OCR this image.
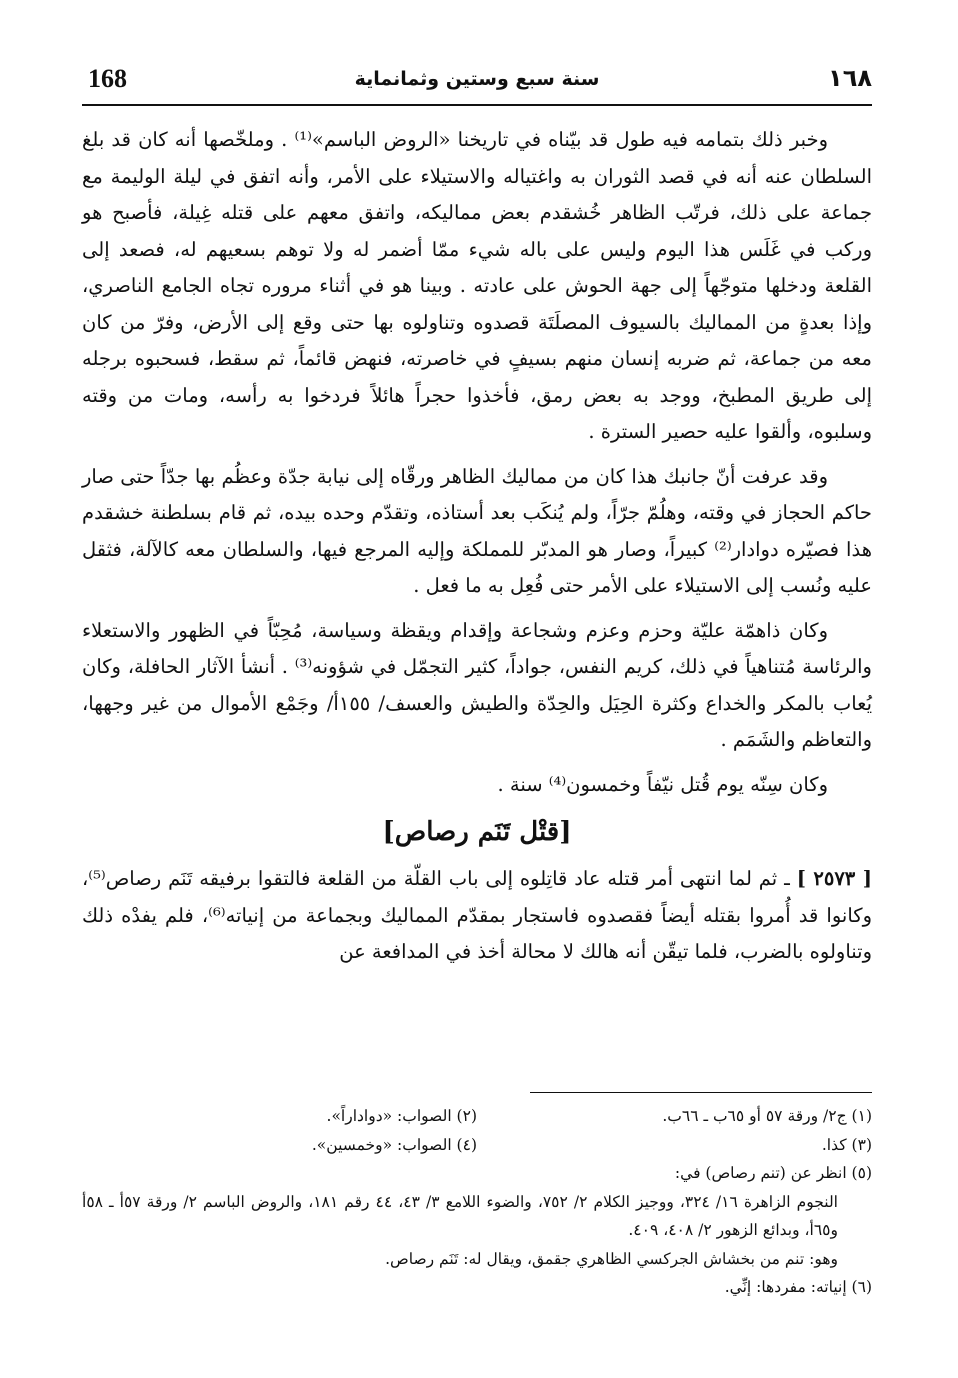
168	سنة سبع وستين وثمانماية	١٦٨

وخبر ذلك بتمامه فيه طول قد بيّناه في تاريخنا «الروض الباسم»⁽¹⁾ . وملخّصها أنه كان قد بلغ السلطان عنه أنه في قصد الثوران به واغتياله والاستيلاء على الأمر، وأنه اتفق في ليلة الوليمة مع جماعة على ذلك، فرتّب الظاهر خُشقدم بعض مماليكه، واتفق معهم على قتله غِيلة، فأصبح هو وركب في غَلَس هذا اليوم وليس على باله شيء ممّا أضمر له ولا توهم بسعيهم له، فصعد إلى القلعة ودخلها متوجّهاً إلى جهة الحوش على عادته . وبينا هو في أثناء مروره تجاه الجامع الناصري، وإذا بعدةٍ من المماليك بالسيوف المصلَتَة قصدوه وتناولوه بها حتى وقع إلى الأرض، وفرّ من كان معه من جماعة، ثم ضربه إنسان منهم بسيفٍ في خاصرته، فنهض قائماً، ثم سقط، فسحبوه برجله إلى طريق المطبخ، ووجد به بعض رمق، فأخذوا حجراً هائلاً فردخوا به رأسه، ومات من وقته وسلبوه، وألقوا عليه حصير السترة .

وقد عرفت أنّ جانبك هذا كان من مماليك الظاهر ورقّاه إلى نيابة جدّة وعظُم بها جدّاً حتى صار حاكم الحجاز في وقته، وهلُمّ جرّاً، ولم يُنكَب بعد أستاذه، وتقدّم وحده بيده، ثم قام بسلطنة خشقدم هذا فصيّره دوادار⁽²⁾ كبيراً، وصار هو المدبّر للمملكة وإليه المرجع فيها، والسلطان معه كالآلة، فثقل عليه ونُسب إلى الاستيلاء على الأمر حتى فُعِل به ما فعل .

وكان ذاهمّة عليّة وحزم وعزم وشجاعة وإقدام ويقظة وسياسة، مُحِبّاً في الظهور والاستعلاء والرئاسة مُتناهياً في ذلك، كريم النفس، جواداً، كثير التجمّل في شؤونه⁽³⁾ . أنشأ الآثار الحافلة، وكان يُعاب بالمكر والخداع وكثرة الحِيَل والحِدّة والطيش والعسف/ ١٥٥أ/ وجَمْع الأموال من غير وجهها، والتعاظم والشَمَم .

وكان سِنّه يوم قُتل نيّفاً وخمسون⁽⁴⁾ سنة .

[قتْل تَنَم رصاص]

[ ٢٥٧٣ ] ـ ثم لما انتهى أمر قتله عاد قاتِلوه إلى باب القلّة من القلعة فالتقوا برفيقه تَنَم رصاص⁽⁵⁾، وكانوا قد أُمروا بقتله أيضاً فقصدوه فاستجار بمقدّم المماليك وبجماعة من إنياته⁽⁶⁾، فلم يفدْه ذلك وتناولوه بالضرب، فلما تيقّن أنه هالك لا محالة أخذ في المدافعة عن

(١) ج٢/ ورقة ٥٧ أو ٦٥ب ـ ٦٦ب.
(٢) الصواب: «دواداراً».
(٣) كذا.
(٤) الصواب: «وخمسين».
(٥) انظر عن (تنم رصاص) في:
النجوم الزاهرة ١٦/ ٣٢٤، ووجيز الكلام ٢/ ٧٥٢، والضوء اللامع ٣/ ٤٣، ٤٤ رقم ١٨١، والروض الباسم ٢/ ورقة ٥٧أ ـ ٥٨أ و٦٥أ، وبدائع الزهور ٢/ ٤٠٨، ٤٠٩.
وهو: تنم من بخشاش الجركسي الظاهري جقمق، ويقال له: تَنَم رصاص.
(٦) إنياته: مفردها: إنِّي.
